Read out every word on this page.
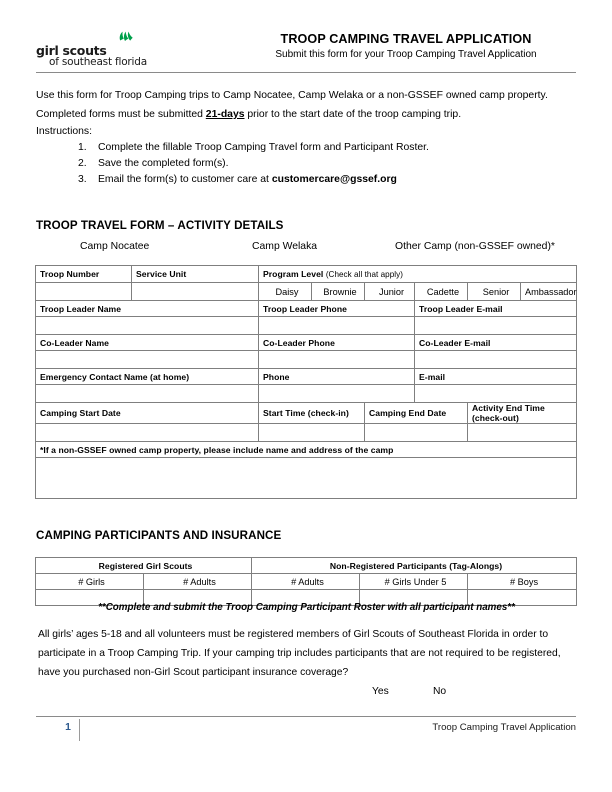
girl scouts
of southeast florida
TROOP CAMPING TRAVEL APPLICATION
Submit this form for your Troop Camping Travel Application
Use this form for Troop Camping trips to Camp Nocatee, Camp Welaka or a non-GSSEF owned camp property.
Completed forms must be submitted 21-days prior to the start date of the troop camping trip.
Instructions:
1.	Complete the fillable Troop Camping Travel form and Participant Roster.
2.	Save the completed form(s).
3.	Email the form(s) to customer care at customercare@gssef.org
TROOP TRAVEL FORM – ACTIVITY DETAILS
Camp Nocatee	Camp Welaka	Other Camp (non-GSSEF owned)*
Troop Number	Service Unit	Program Level (Check all that apply)					
		Daisy	Brownie	Junior	Cadette	Senior	Ambassador
Troop Leader Name		Troop Leader Phone			Troop Leader E-mail		

Co-Leader Name		Co-Leader Phone			Co-Leader E-mail		

Emergency Contact Name (at home)		Phone			E-mail		

Camping Start Date		Start Time (check-in)		Camping End Date		Activity End Time (check-out)	

*If a non-GSSEF owned camp property, please include name and address of the camp							

CAMPING PARTICIPANTS AND INSURANCE
Registered Girl Scouts		Non-Registered Participants (Tag-Alongs)		
# Girls	# Adults	# Adults	# Girls Under 5	# Boys

**Complete and submit the Troop Camping Participant Roster with all participant names**
All girls’ ages 5-18 and all volunteers must be registered members of Girl Scouts of Southeast Florida in order to
participate in a Troop Camping Trip. If your camping trip includes participants that are not required to be registered,
have you purchased non-Girl Scout participant insurance coverage?
Yes	No
1	Troop Camping Travel Application
